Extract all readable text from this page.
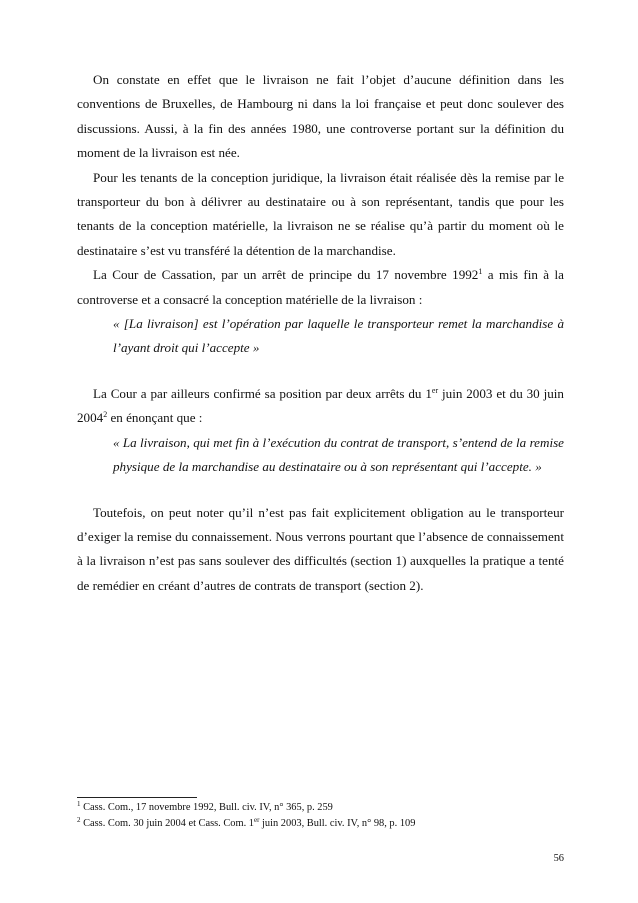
On constate en effet que le livraison ne fait l’objet d’aucune définition dans les conventions de Bruxelles, de Hambourg ni dans la loi française et peut donc soulever des discussions. Aussi, à la fin des années 1980, une controverse portant sur la définition du moment de la livraison est née.

Pour les tenants de la conception juridique, la livraison était réalisée dès la remise par le transporteur du bon à délivrer au destinataire ou à son représentant, tandis que pour les tenants de la conception matérielle, la livraison ne se réalise qu’à partir du moment où le destinataire s’est vu transféré la détention de la marchandise.

La Cour de Cassation, par un arrêt de principe du 17 novembre 1992$^1$ a mis fin à la controverse et a consacré la conception matérielle de la livraison :

« [La livraison] est l’opération par laquelle le transporteur remet la marchandise à l’ayant droit qui l’accepte »

La Cour a par ailleurs confirmé sa position par deux arrêts du 1er juin 2003 et du 30 juin 2004$^2$ en énonçant que :

« La livraison, qui met fin à l’exécution du contrat de transport, s’entend de la remise physique de la marchandise au destinataire ou à son représentant qui l’accepte. »

Toutefois, on peut noter qu’il n’est pas fait explicitement obligation au le transporteur d’exiger la remise du connaissement. Nous verrons pourtant que l’absence de connaissement à la livraison n’est pas sans soulever des difficultés (section 1) auxquelles la pratique a tenté de remédier en créant d’autres de contrats de transport (section 2).

$^1$ Cass. Com., 17 novembre 1992, Bull. civ. IV, n° 365, p. 259

$^2$ Cass. Com. 30 juin 2004 et Cass. Com. 1er juin 2003, Bull. civ. IV, n° 98, p. 109

56
